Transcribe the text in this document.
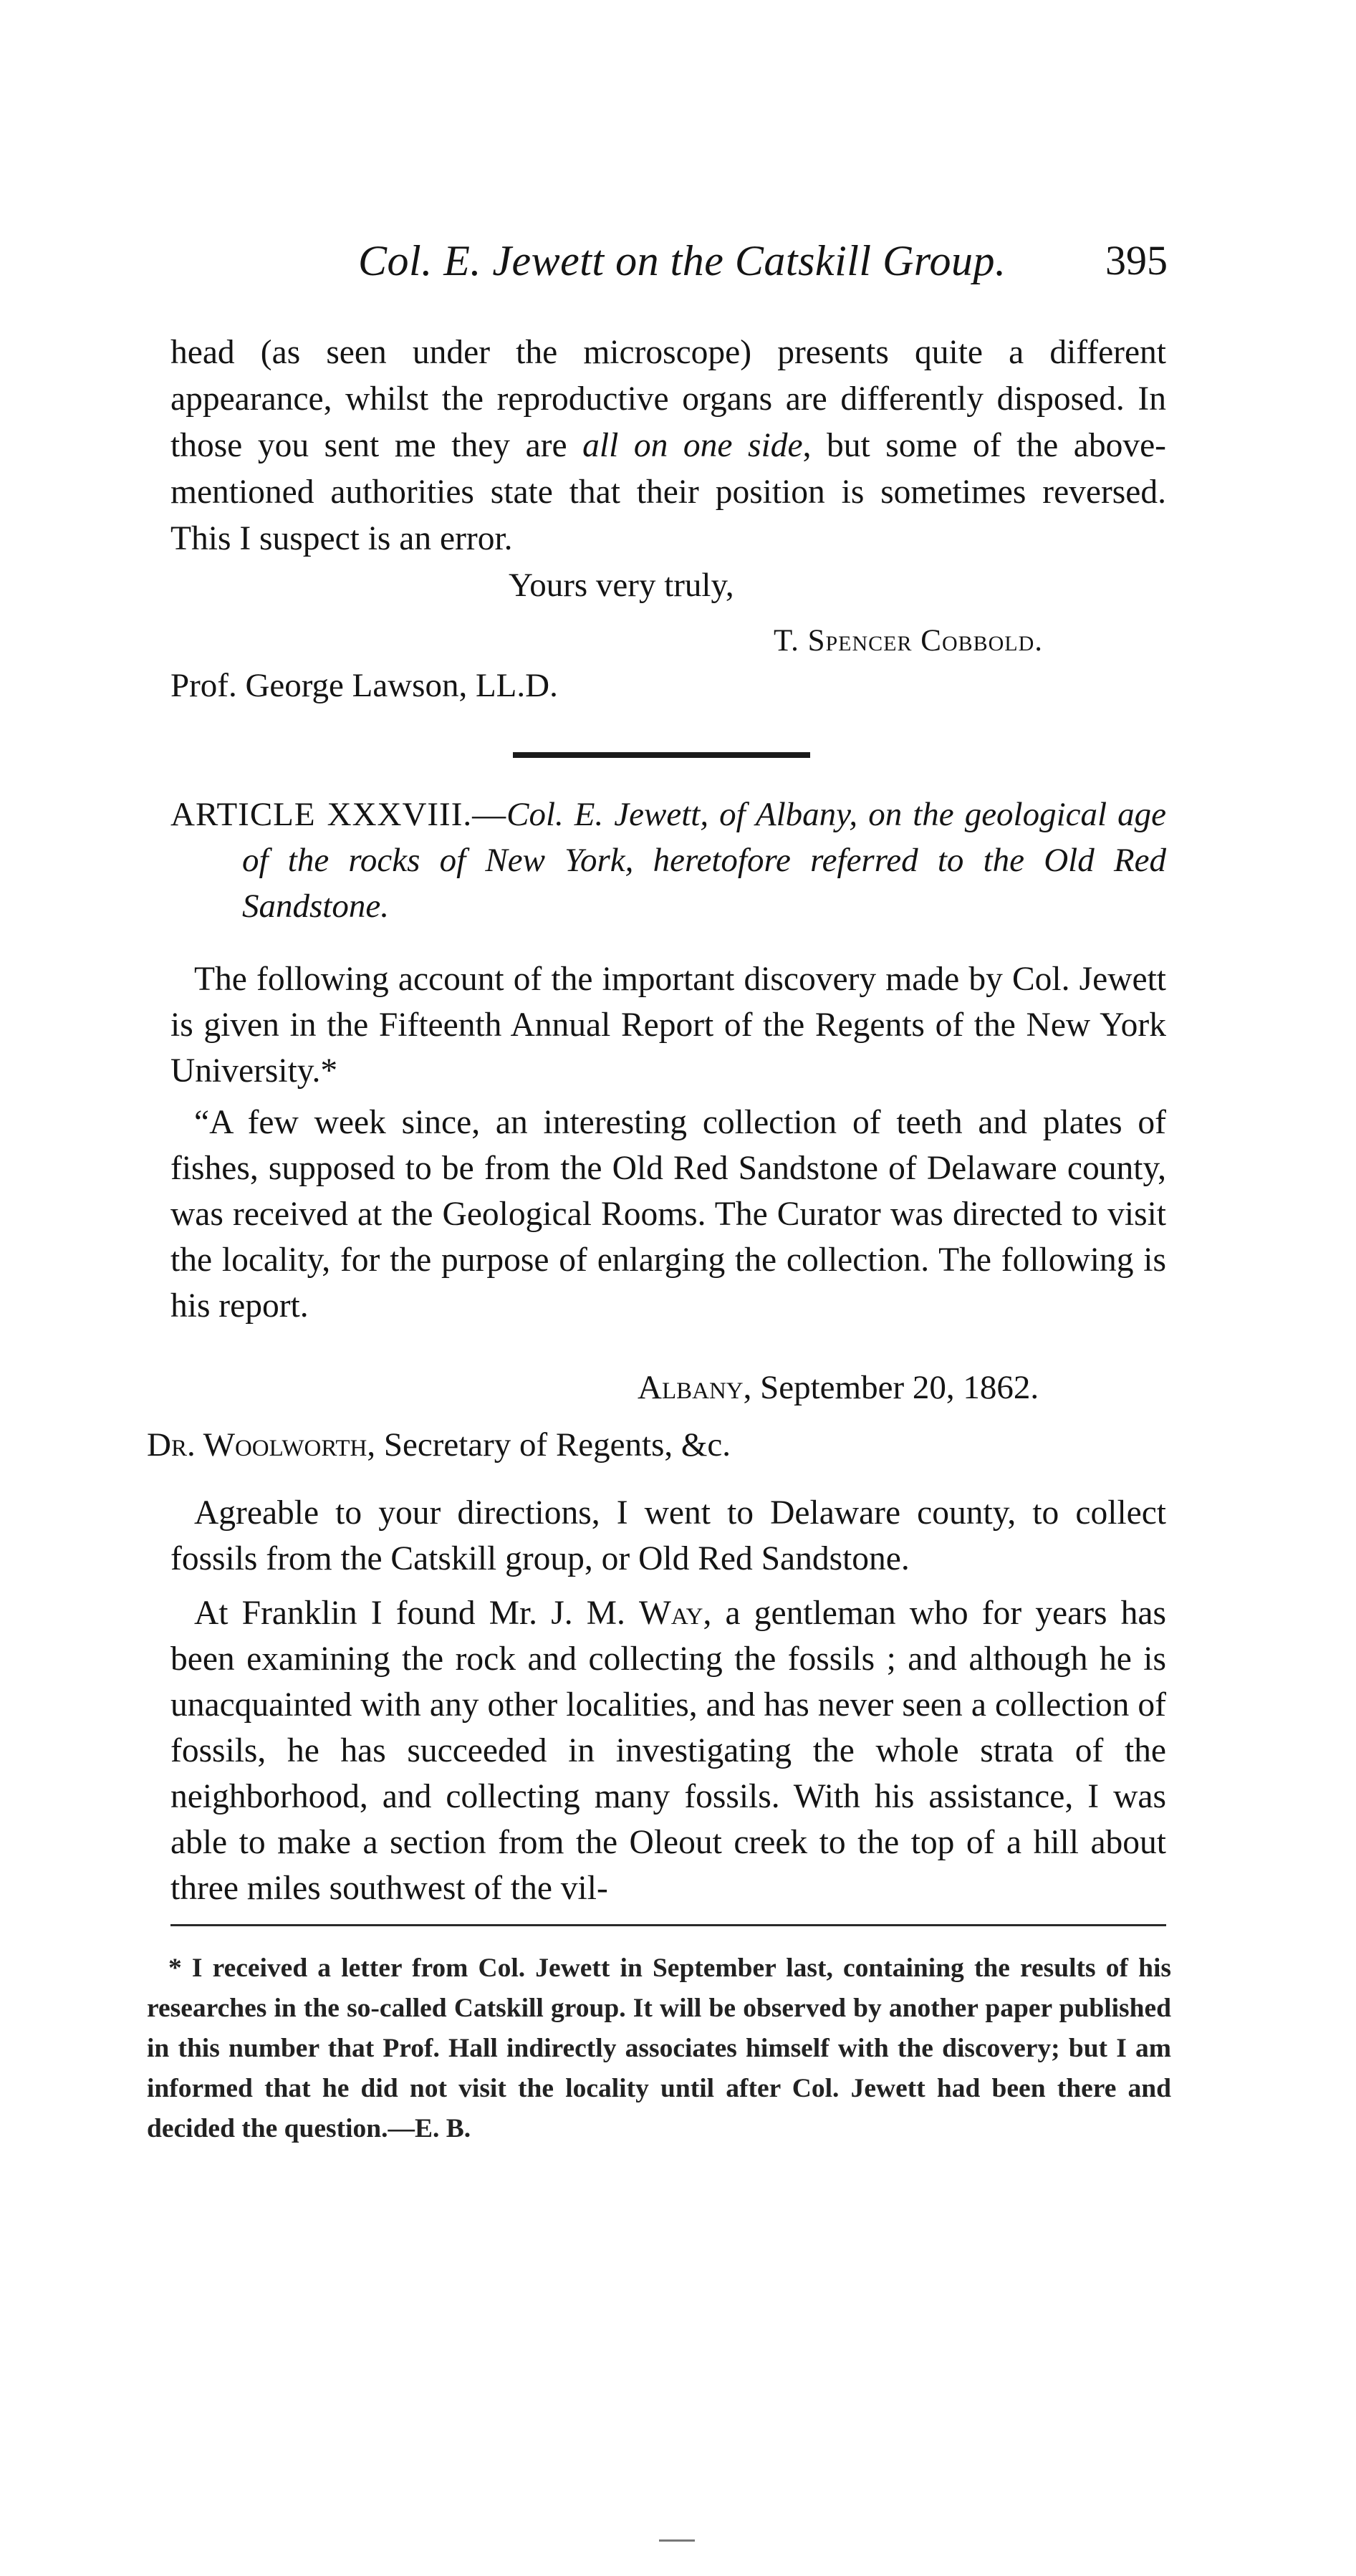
Col. E. Jewett on the Catskill Group. 395

head (as seen under the microscope) presents quite a different appearance, whilst the reproductive organs are differently disposed. In those you sent me they are all on one side, but some of the above-mentioned authorities state that their position is sometimes reversed. This I suspect is an error.

Yours very truly,
T. Spencer Cobbold.
Prof. George Lawson, LL.D.

ARTICLE XXXVIII.—Col. E. Jewett, of Albany, on the geological age of the rocks of New York, heretofore referred to the Old Red Sandstone.

The following account of the important discovery made by Col. Jewett is given in the Fifteenth Annual Report of the Regents of the New York University.*

“A few week since, an interesting collection of teeth and plates of fishes, supposed to be from the Old Red Sandstone of Delaware county, was received at the Geological Rooms. The Curator was directed to visit the locality, for the purpose of enlarging the collection. The following is his report.

Albany, September 20, 1862.
Dr. Woolworth, Secretary of Regents, &c.

Agreable to your directions, I went to Delaware county, to collect fossils from the Catskill group, or Old Red Sandstone.

At Franklin I found Mr. J. M. Way, a gentleman who for years has been examining the rock and collecting the fossils ; and although he is unacquainted with any other localities, and has never seen a collection of fossils, he has succeeded in investigating the whole strata of the neighborhood, and collecting many fossils. With his assistance, I was able to make a section from the Oleout creek to the top of a hill about three miles southwest of the vil-

* I received a letter from Col. Jewett in September last, containing the results of his researches in the so-called Catskill group. It will be observed by another paper published in this number that Prof. Hall indirectly associates himself with the discovery; but I am informed that he did not visit the locality until after Col. Jewett had been there and decided the question.—E. B.
